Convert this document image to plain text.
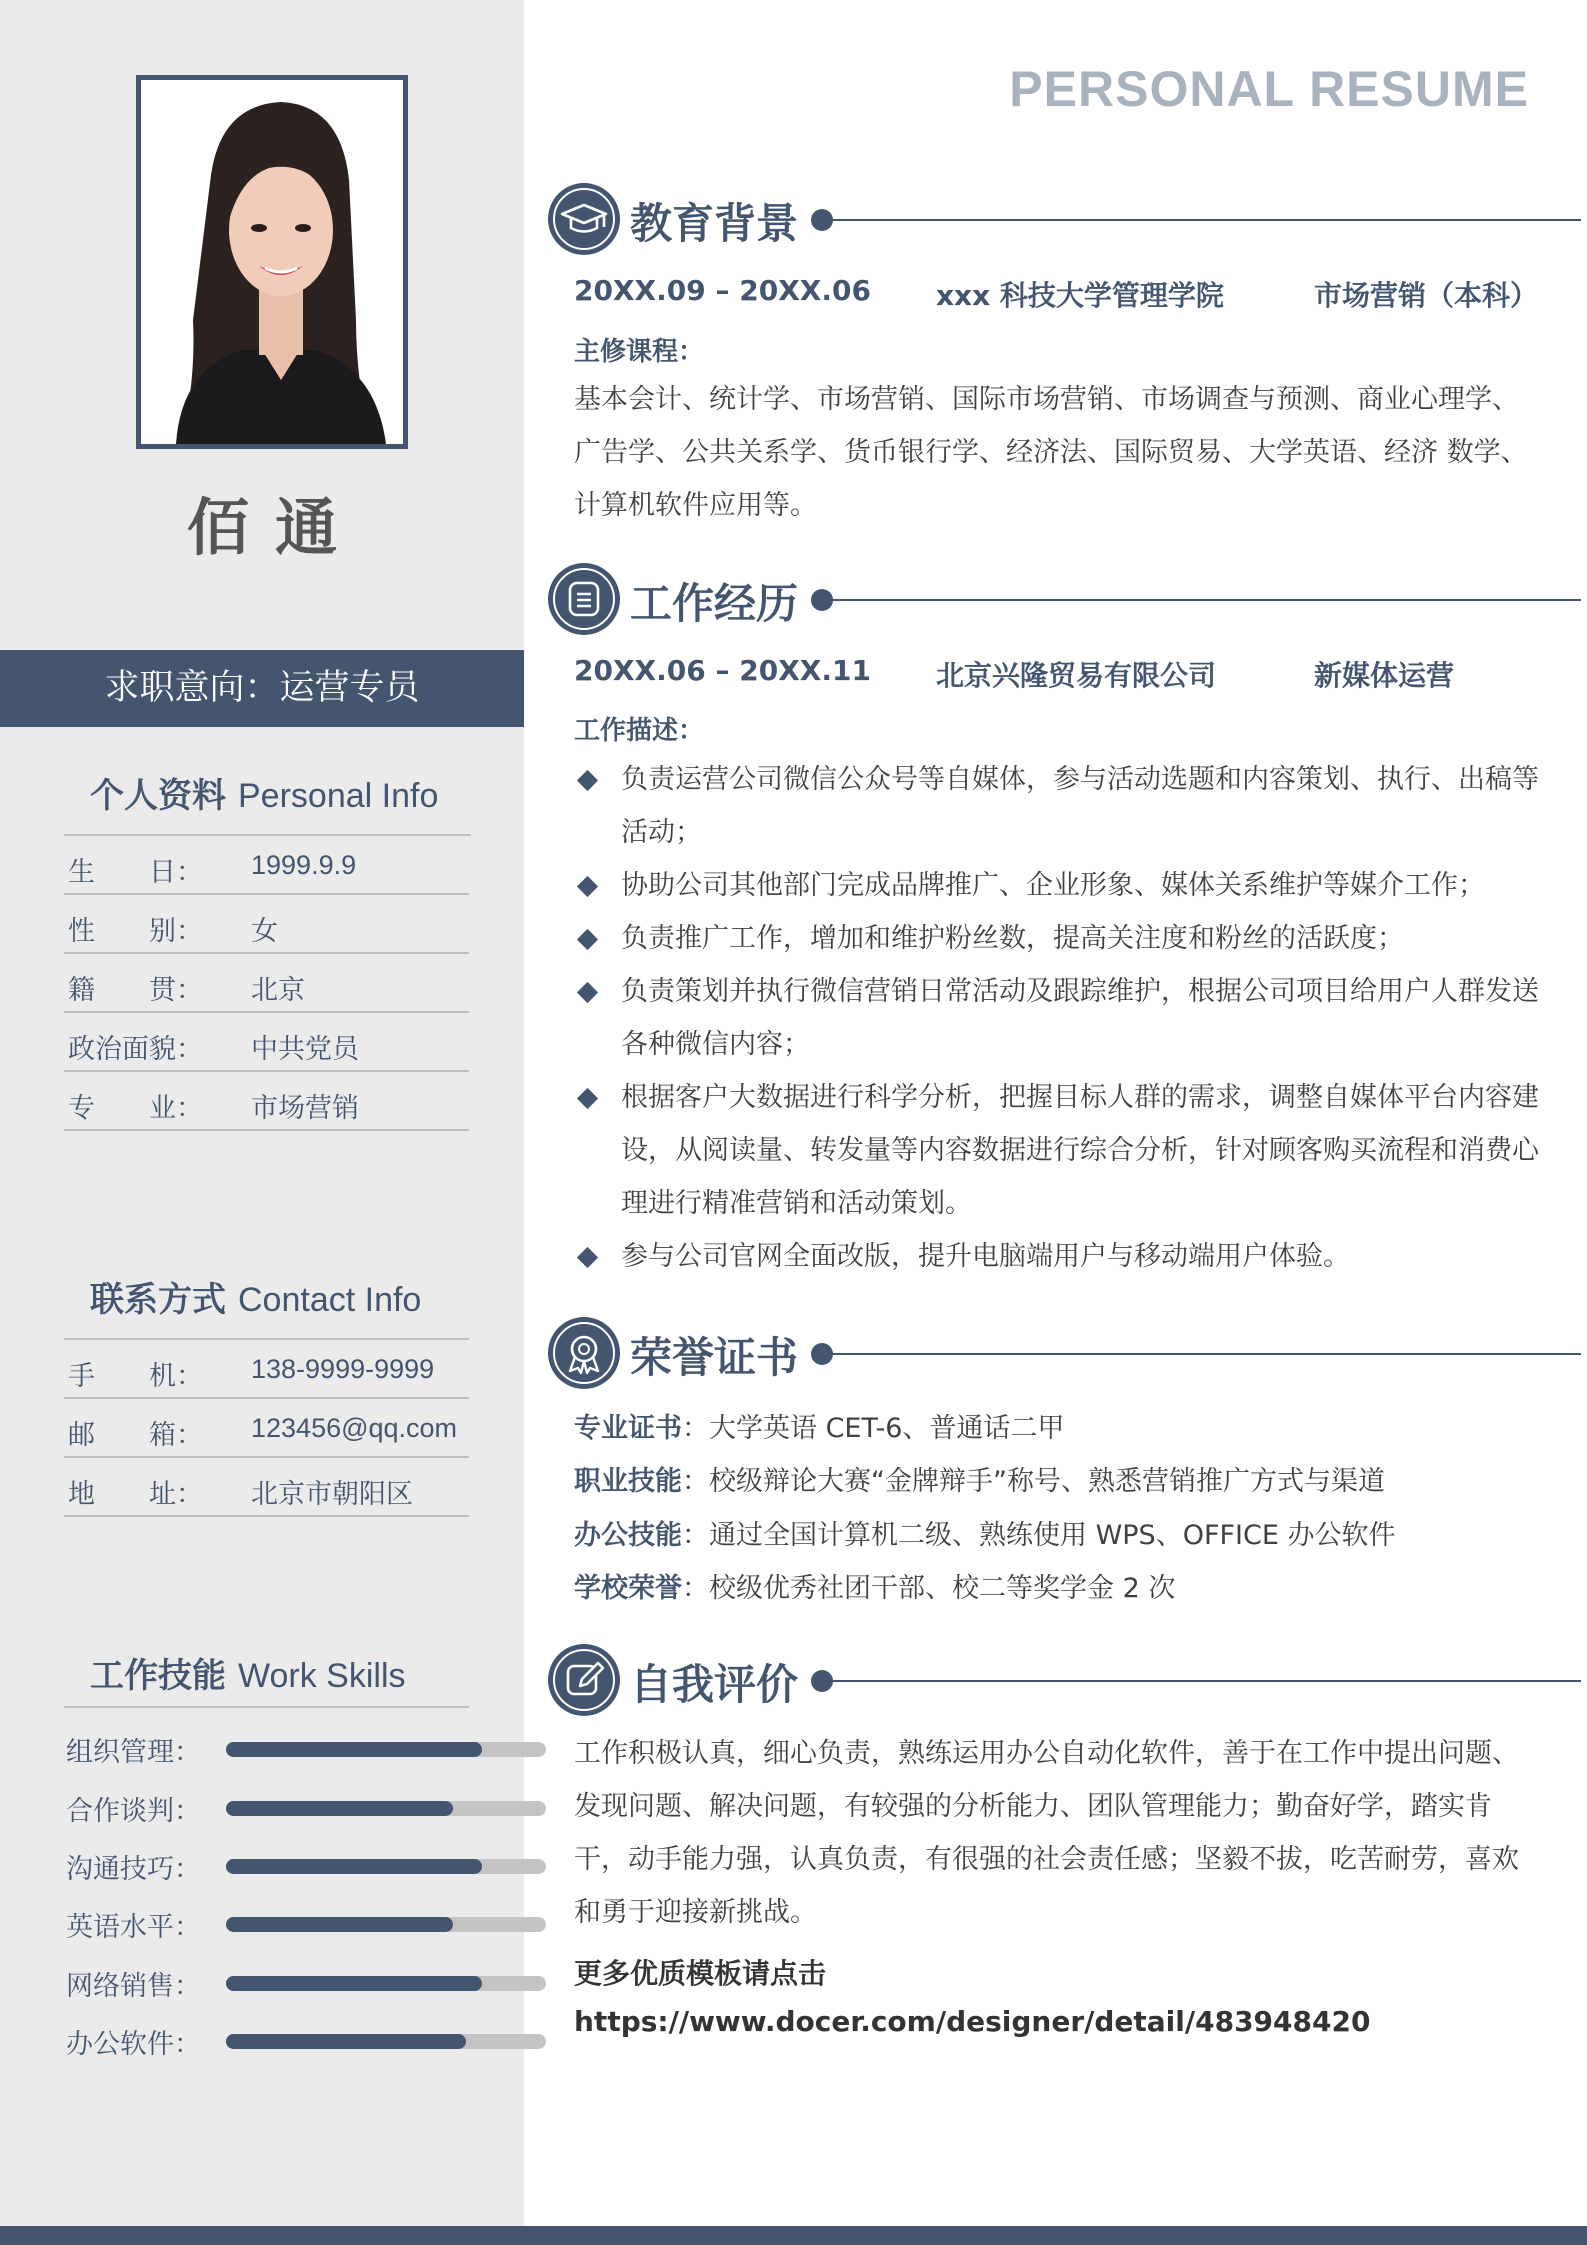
佰通
求职意向：运营专员
个人资料 Personal Info
生　　日：	1999.9.9
性　　别：	女
籍　　贯：	北京
政治面貌：	中共党员
专　　业：	市场营销
联系方式 Contact Info
手　　机：	138-9999-9999
邮　　箱：	123456@qq.com
地　　址：	北京市朝阳区
工作技能 Work Skills
组织管理：
合作谈判：
沟通技巧：
英语水平：
网络销售：
办公软件：
PERSONAL RESUME
教育背景
20XX.09 – 20XX.06 xxx 科技大学管理学院	市场营销（本科）
主修课程：
基本会计、统计学、市场营销、国际市场营销、市场调查与预测、商业心理学、广告学、公共关系学、货币银行学、经济法、国际贸易、大学英语、经济 数学、计算机软件应用等。
工作经历
20XX.06 – 20XX.11 北京兴隆贸易有限公司	新媒体运营
工作描述：
负责运营公司微信公众号等自媒体，参与活动选题和内容策划、执行、出稿等活动；
协助公司其他部门完成品牌推广、企业形象、媒体关系维护等媒介工作；
负责推广工作，增加和维护粉丝数，提高关注度和粉丝的活跃度；
负责策划并执行微信营销日常活动及跟踪维护，根据公司项目给用户人群发送各种微信内容；
根据客户大数据进行科学分析，把握目标人群的需求，调整自媒体平台内容建设，从阅读量、转发量等内容数据进行综合分析，针对顾客购买流程和消费心理进行精准营销和活动策划。
参与公司官网全面改版，提升电脑端用户与移动端用户体验。
荣誉证书
专业证书：大学英语 CET-6、普通话二甲
职业技能：校级辩论大赛“金牌辩手”称号、熟悉营销推广方式与渠道
办公技能：通过全国计算机二级、熟练使用 WPS、OFFICE 办公软件
学校荣誉：校级优秀社团干部、校二等奖学金 2 次
自我评价
工作积极认真，细心负责，熟练运用办公自动化软件，善于在工作中提出问题、发现问题、解决问题，有较强的分析能力、团队管理能力；勤奋好学，踏实肯干，动手能力强，认真负责，有很强的社会责任感；坚毅不拔，吃苦耐劳，喜欢和勇于迎接新挑战。
更多优质模板请点击
https://www.docer.com/designer/detail/483948420
